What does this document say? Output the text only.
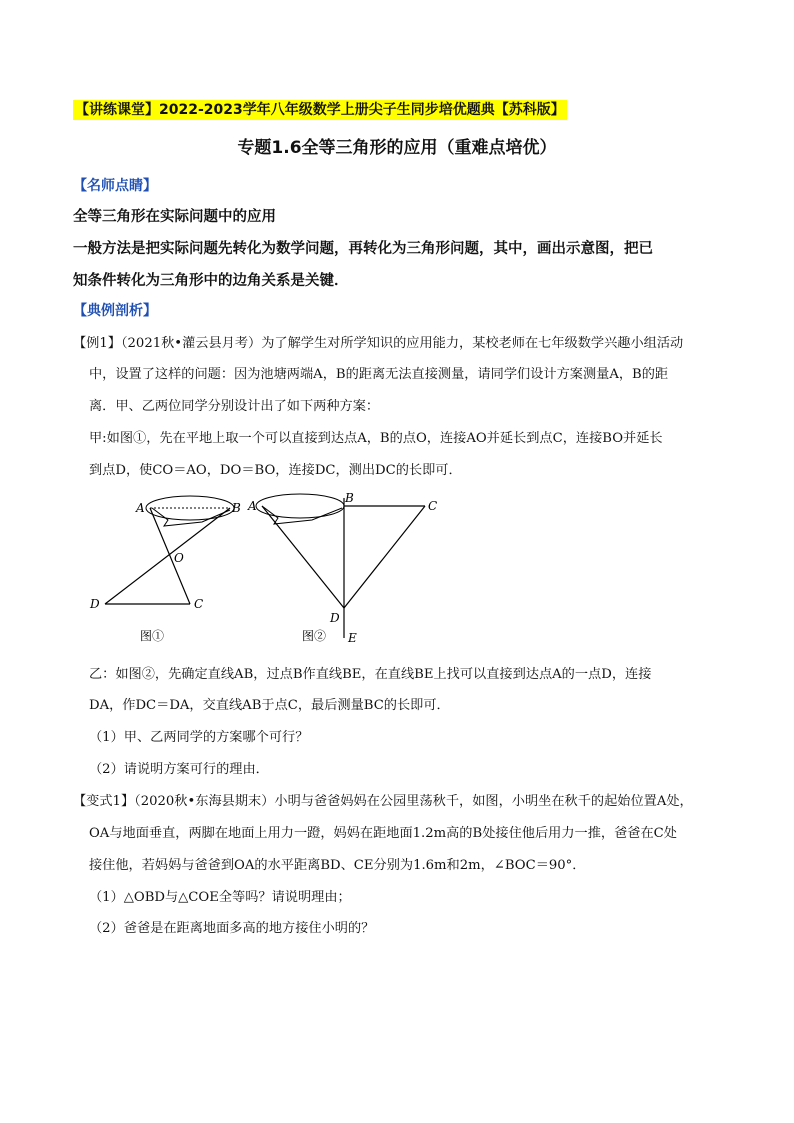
【讲练课堂】2022-2023学年八年级数学上册尖子生同步培优题典【苏科版】
专题1.6全等三角形的应用（重难点培优）
【名师点睛】
全等三角形在实际问题中的应用
一般方法是把实际问题先转化为数学问题，再转化为三角形问题，其中，画出示意图，把已
知条件转化为三角形中的边角关系是关键．
【典例剖析】
【例1】（2021秋•灌云县月考）为了解学生对所学知识的应用能力，某校老师在七年级数学兴趣小组活动
中，设置了这样的问题：因为池塘两端A，B的距离无法直接测量，请同学们设计方案测量A，B的距
离．甲、乙两位同学分别设计出了如下两种方案：
甲:如图①，先在平地上取一个可以直接到达点A，B的点O，连接AO并延长到点C，连接BO并延长
到点D，使CO＝AO，DO＝BO，连接DC，测出DC的长即可．
A	B
O
D	C
图①
A
B
C
D
E
图②
乙：如图②，先确定直线AB，过点B作直线BE，在直线BE上找可以直接到达点A的一点D，连接
DA，作DC＝DA，交直线AB于点C，最后测量BC的长即可．
（1）甲、乙两同学的方案哪个可行？
（2）请说明方案可行的理由．
【变式1】（2020秋•东海县期末）小明与爸爸妈妈在公园里荡秋千，如图，小明坐在秋千的起始位置A处，
OA与地面垂直，两脚在地面上用力一蹬，妈妈在距地面1.2m高的B处接住他后用力一推，爸爸在C处
接住他，若妈妈与爸爸到OA的水平距离BD、CE分别为1.6m和2m，∠BOC＝90°．
（1）△OBD与△COE全等吗？请说明理由；
（2）爸爸是在距离地面多高的地方接住小明的？
